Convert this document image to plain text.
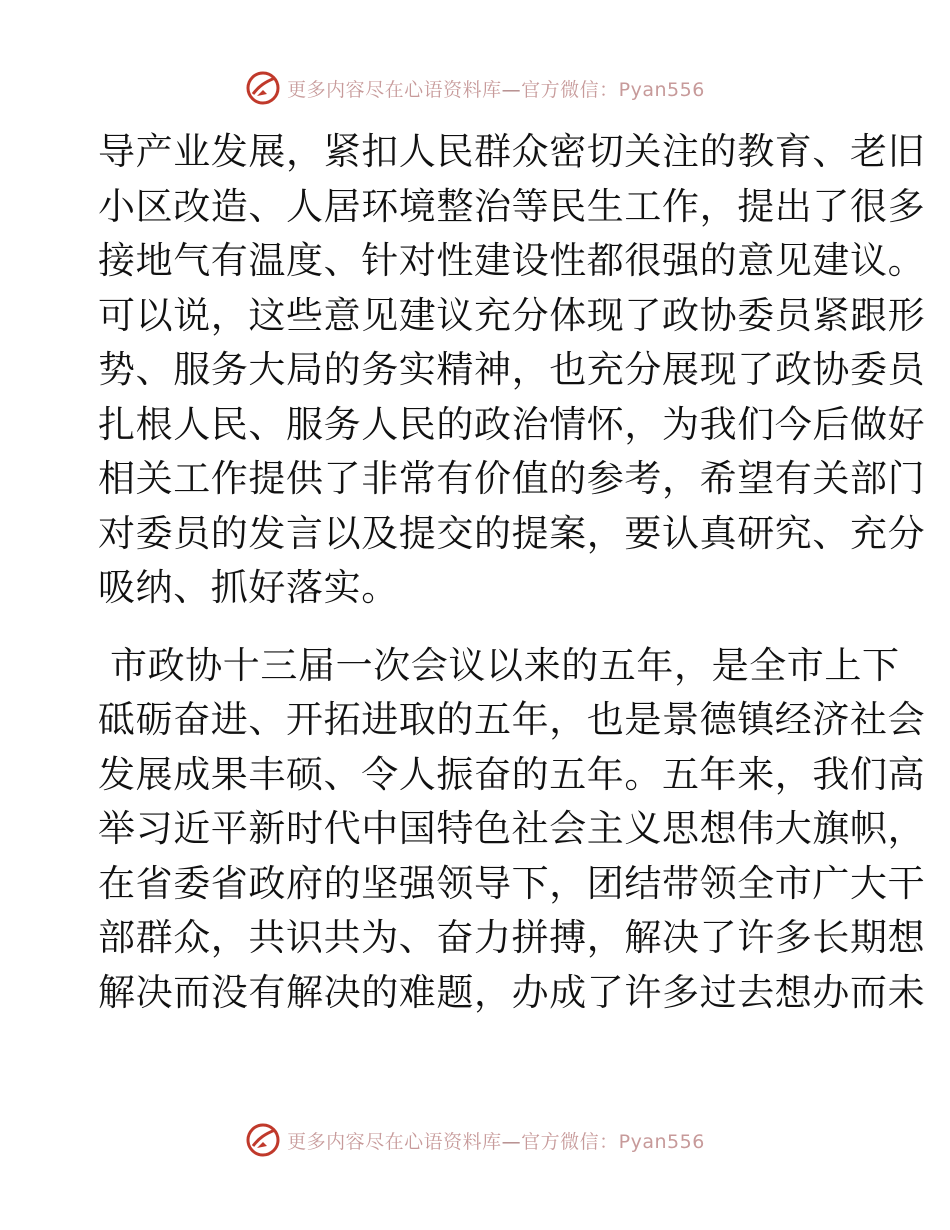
更多内容尽在心语资料库—官方微信：Pyan556
导产业发展，紧扣人民群众密切关注的教育、老旧
小区改造、人居环境整治等民生工作，提出了很多
接地气有温度、针对性建设性都很强的意见建议。
可以说，这些意见建议充分体现了政协委员紧跟形
势、服务大局的务实精神，也充分展现了政协委员
扎根人民、服务人民的政治情怀，为我们今后做好
相关工作提供了非常有价值的参考，希望有关部门
对委员的发言以及提交的提案，要认真研究、充分
吸纳、抓好落实。
市政协十三届一次会议以来的五年，是全市上下
砥砺奋进、开拓进取的五年，也是景德镇经济社会
发展成果丰硕、令人振奋的五年。五年来，我们高
举习近平新时代中国特色社会主义思想伟大旗帜，
在省委省政府的坚强领导下，团结带领全市广大干
部群众，共识共为、奋力拼搏，解决了许多长期想
解决而没有解决的难题，办成了许多过去想办而未
更多内容尽在心语资料库—官方微信：Pyan556
